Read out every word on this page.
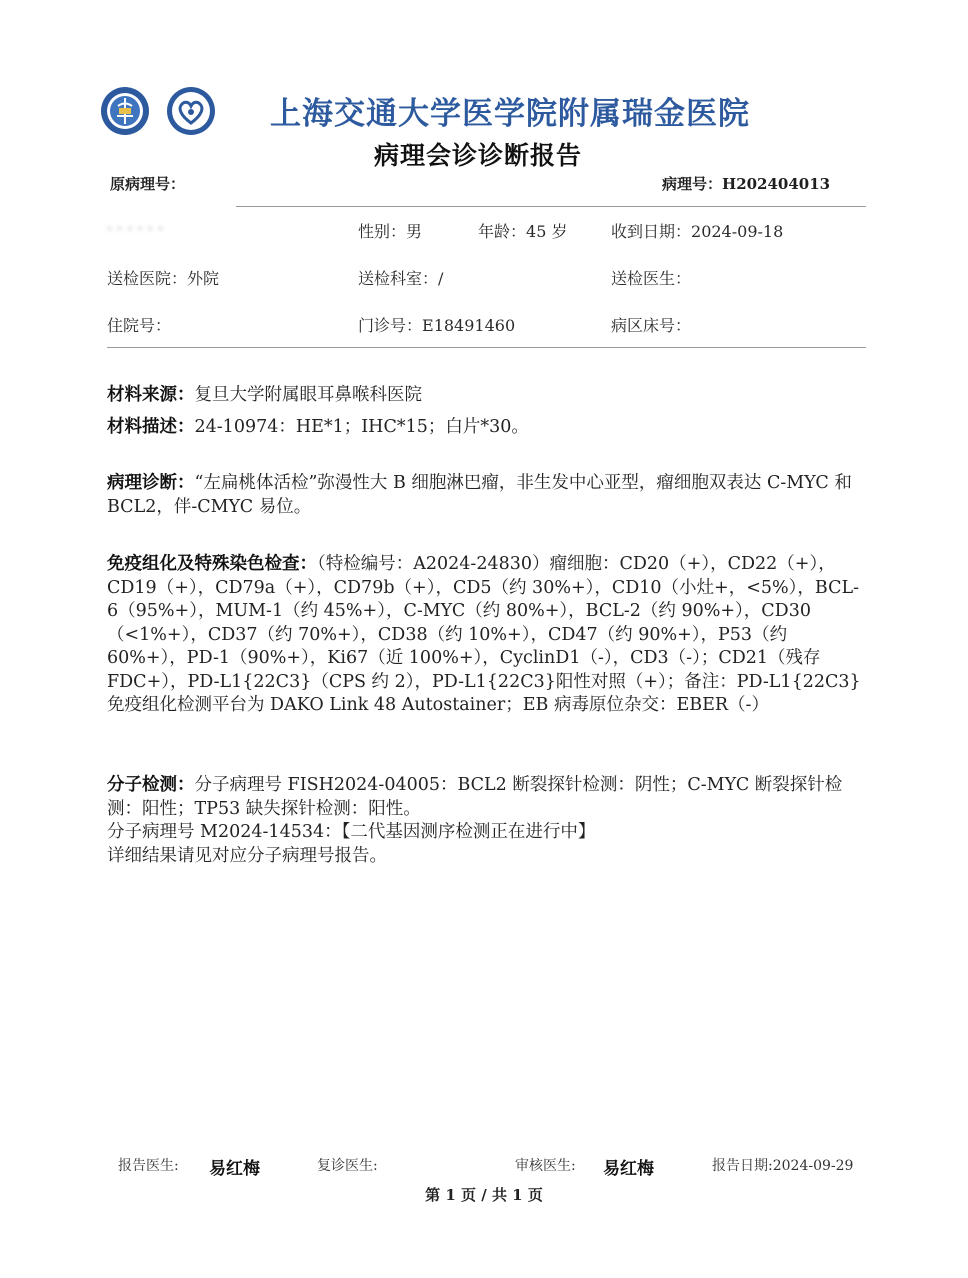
上海交通大学医学院附属瑞金医院
病理会诊诊断报告
原病理号：	病理号：H202404013
· · · · · ·	性别：男	年龄：45 岁	收到日期：2024-09-18
送检医院：外院	送检科室：/	送检医生：
住院号：	门诊号：E18491460	病区床号：
材料来源：复旦大学附属眼耳鼻喉科医院
材料描述：24-10974：HE*1；IHC*15；白片*30。
病理诊断：“左扁桃体活检”弥漫性大 B 细胞淋巴瘤，非生发中心亚型，瘤细胞双表达 C-MYC 和 BCL2，伴-CMYC 易位。
免疫组化及特殊染色检查：（特检编号：A2024-24830）瘤细胞：CD20（+），CD22（+），CD19（+），CD79a（+），CD79b（+），CD5（约 30%+），CD10（小灶+，<5%），BCL-6（95%+），MUM-1（约 45%+），C-MYC（约 80%+），BCL-2（约 90%+），CD30（<1%+），CD37（约 70%+），CD38（约 10%+），CD47（约 90%+），P53（约 60%+），PD-1（90%+），Ki67（近 100%+），CyclinD1（-），CD3（-）；CD21（残存 FDC+），PD-L1{22C3}（CPS 约 2），PD-L1{22C3}阳性对照（+）；备注：PD-L1{22C3}免疫组化检测平台为 DAKO Link 48 Autostainer；EB 病毒原位杂交：EBER（-）
分子检测：分子病理号 FISH2024-04005：BCL2 断裂探针检测：阴性；C-MYC 断裂探针检测：阳性；TP53 缺失探针检测：阳性。
分子病理号 M2024-14534：【二代基因测序检测正在进行中】
详细结果请见对应分子病理号报告。
报告医生: 易红梅	复诊医生:	审核医生: 易红梅	报告日期:2024-09-29
第 1 页 / 共 1 页
